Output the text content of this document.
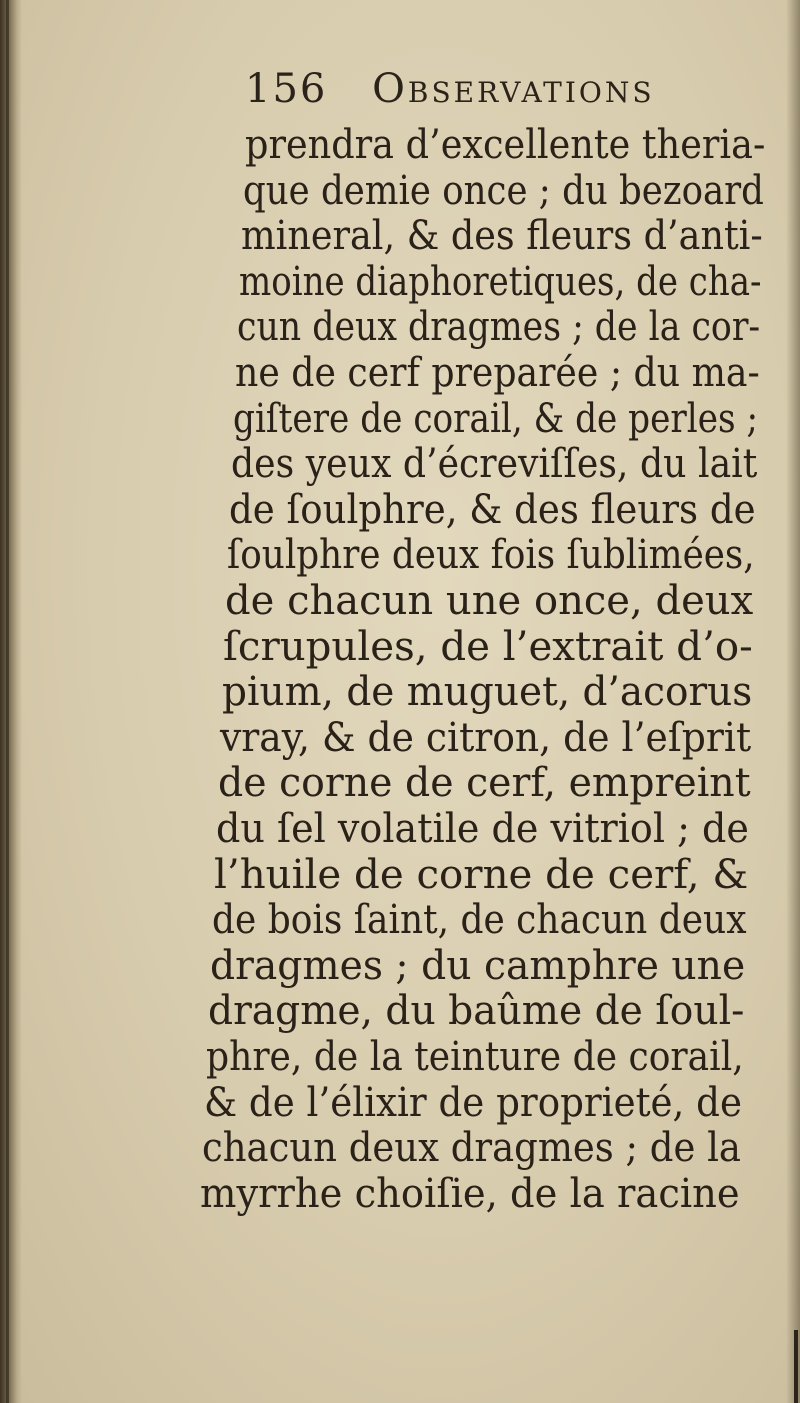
156 Observations
prendra d’excellente theria-
que demie once ; du bezoard
mineral, & des fleurs d’anti-
moine diaphoretiques, de cha-
cun deux dragmes ; de la cor-
ne de cerf preparée ; du ma-
giſtere de corail, & de perles ;
des yeux d’écreviſſes, du lait
de ſoulphre, & des fleurs de
ſoulphre deux fois ſublimées,
de chacun une once, deux
ſcrupules, de l’extrait d’o-
pium, de muguet, d’acorus
vray, & de citron, de l’eſprit
de corne de cerf, empreint
du ſel volatile de vitriol ; de
l’huile de corne de cerf, &
de bois ſaint, de chacun deux
dragmes ; du camphre une
dragme, du baûme de ſoul-
phre, de la teinture de corail,
& de l’élixir de proprieté, de
chacun deux dragmes ; de la
myrrhe choiſie, de la racine
